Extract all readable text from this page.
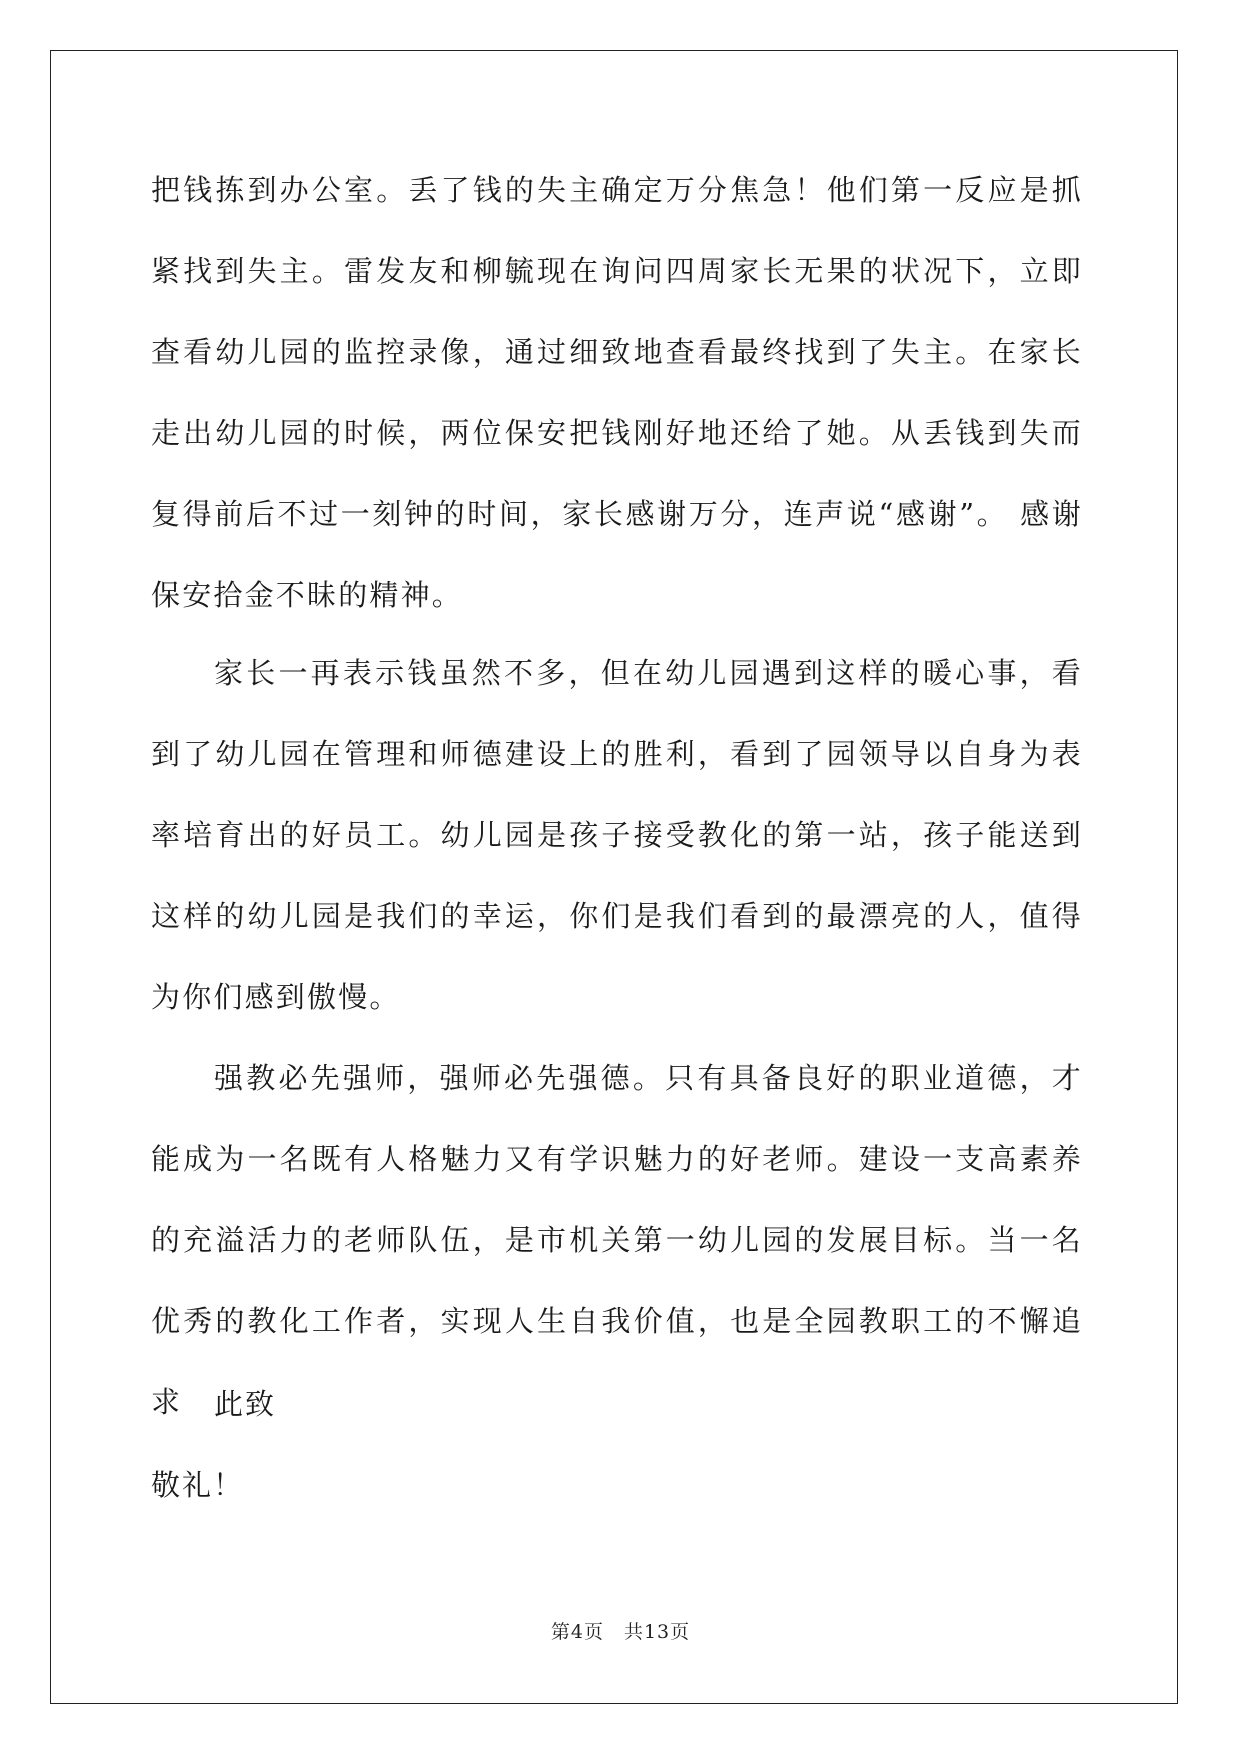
把钱拣到办公室。丢了钱的失主确定万分焦急！他们第一反应是抓紧找到失主。雷发友和柳毓现在询问四周家长无果的状况下，立即查看幼儿园的监控录像，通过细致地查看最终找到了失主。在家长走出幼儿园的时候，两位保安把钱刚好地还给了她。从丢钱到失而复得前后不过一刻钟的时间，家长感谢万分，连声说“感谢”。 感谢保安拾金不昧的精神。

家长一再表示钱虽然不多，但在幼儿园遇到这样的暖心事，看到了幼儿园在管理和师德建设上的胜利，看到了园领导以自身为表率培育出的好员工。幼儿园是孩子接受教化的第一站，孩子能送到这样的幼儿园是我们的幸运，你们是我们看到的最漂亮的人，值得为你们感到傲慢。

强教必先强师，强师必先强德。只有具备良好的职业道德，才能成为一名既有人格魅力又有学识魅力的好老师。建设一支高素养的充溢活力的老师队伍，是市机关第一幼儿园的发展目标。当一名优秀的教化工作者，实现人生自我价值，也是全园教职工的不懈追求	此致

敬礼！

第4页　共13页
